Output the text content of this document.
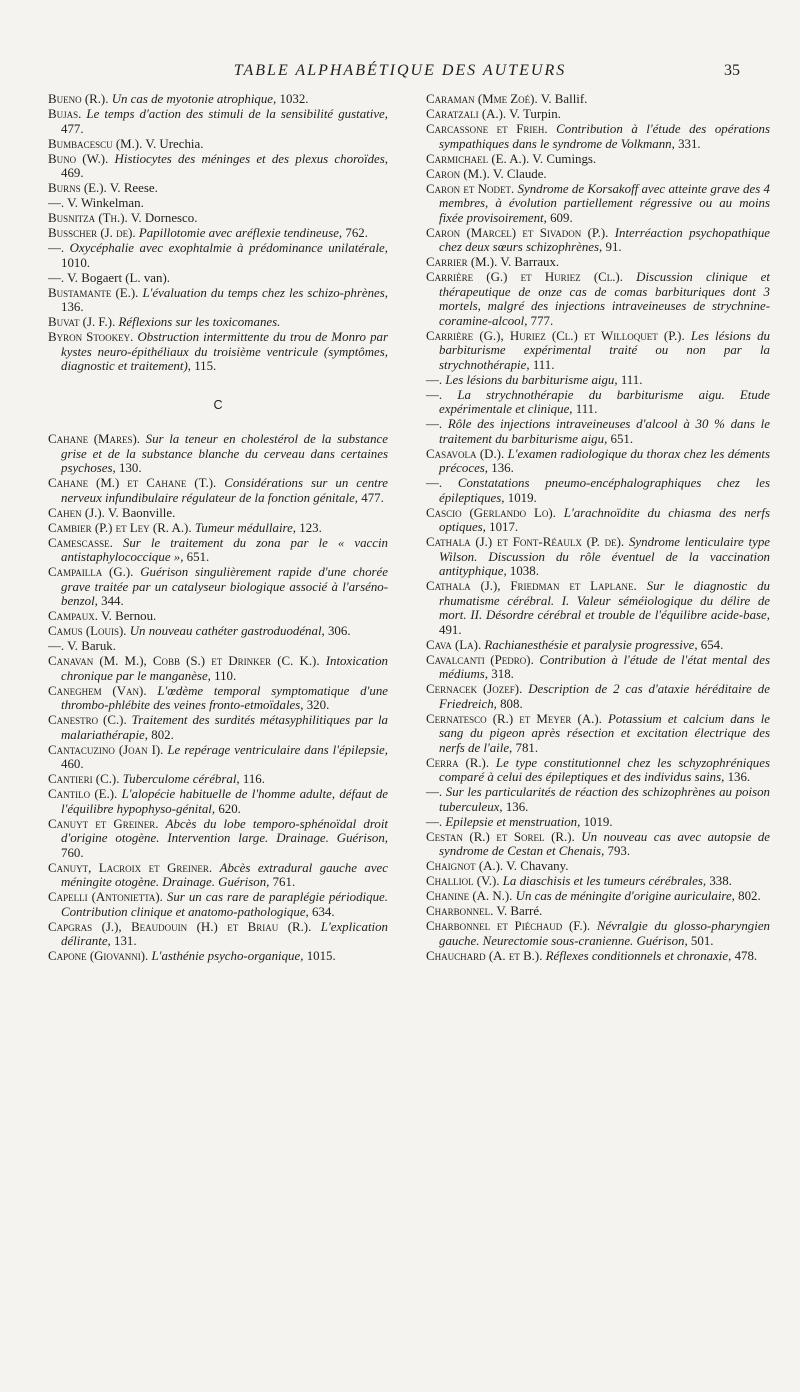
TABLE ALPHABÉTIQUE DES AUTEURS	35
Bueno (R.). Un cas de myotonie atrophique, 1032.
Bujas. Le temps d'action des stimuli de la sensibilité gustative, 477.
Bumbacescu (M.). V. Urechia.
Buno (W.). Histiocytes des méninges et des plexus choroïdes, 469.
Burns (E.). V. Reese.
—. V. Winkelman.
Busnitza (Th.). V. Dornesco.
Busscher (J. de). Papillotomie avec aréflexie tendineuse, 762.
—. Oxycéphalie avec exophtalmie à prédominance unilatérale, 1010.
—. V. Bogaert (L. van).
Bustamante (E.). L'évaluation du temps chez les schizo-phrènes, 136.
Buvat (J. F.). Réflexions sur les toxicomanes.
Byron Stookey. Obstruction intermittente du trou de Monro par kystes neuro-épithéliaux du troisième ventricule (symptômes, diagnostic et traitement), 115.
C
Cahane (Mares). Sur la teneur en cholestérol de la substance grise et de la substance blanche du cerveau dans certaines psychoses, 130.
Cahane (M.) et Cahane (T.). Considérations sur un centre nerveux infundibulaire régulateur de la fonction génitale, 477.
Cahen (J.). V. Baonville.
Cambier (P.) et Ley (R. A.). Tumeur médullaire, 123.
Camescasse. Sur le traitement du zona par le « vaccin antistaphylococcique », 651.
Campailla (G.). Guérison singulièrement rapide d'une chorée grave traitée par un catalyseur biologique associé à l'arséno-benzol, 344.
Campaux. V. Bernou.
Camus (Louis). Un nouveau cathéter gastroduodénal, 306.
—. V. Baruk.
Canavan (M. M.), Cobb (S.) et Drinker (C. K.). Intoxication chronique par le manganèse, 110.
Caneghem (Van). L'œdème temporal symptomatique d'une thrombo-phlébite des veines fronto-etmoïdales, 320.
Canestro (C.). Traitement des surdités métasyphilitiques par la malariathérapie, 802.
Cantacuzino (Joan I). Le repérage ventriculaire dans l'épilepsie, 460.
Cantieri (C.). Tuberculome cérébral, 116.
Cantilo (E.). L'alopécie habituelle de l'homme adulte, défaut de l'équilibre hypophyso-génital, 620.
Canuyt et Greiner. Abcès du lobe temporo-sphénoïdal droit d'origine otogène. Intervention large. Drainage. Guérison, 760.
Canuyt, Lacroix et Greiner. Abcès extradural gauche avec méningite otogène. Drainage. Guérison, 761.
Capelli (Antonietta). Sur un cas rare de paraplégie périodique. Contribution clinique et anatomo-pathologique, 634.
Capgras (J.), Beaudouin (H.) et Briau (R.). L'explication délirante, 131.
Capone (Giovanni). L'asthénie psycho-organique, 1015.
Caraman (Mme Zoé). V. Ballif.
Caratzali (A.). V. Turpin.
Carcassone et Frieh. Contribution à l'étude des opérations sympathiques dans le syndrome de Volkmann, 331.
Carmichael (E. A.). V. Cumings.
Caron (M.). V. Claude.
Caron et Nodet. Syndrome de Korsakoff avec atteinte grave des 4 membres, à évolution partiellement régressive ou au moins fixée provisoirement, 609.
Caron (Marcel) et Sivadon (P.). Interréaction psychopathique chez deux sœurs schizophrènes, 91.
Carrier (M.). V. Barraux.
Carrière (G.) et Huriez (Cl.). Discussion clinique et thérapeutique de onze cas de comas barbituriques dont 3 mortels, malgré des injections intraveineuses de strychnine-coramine-alcool, 777.
Carrière (G.), Huriez (Cl.) et Willoquet (P.). Les lésions du barbiturisme expérimental traité ou non par la strychnothérapie, 111.
—. Les lésions du barbiturisme aigu, 111.
—. La strychnothérapie du barbiturisme aigu. Etude expérimentale et clinique, 111.
—. Rôle des injections intraveineuses d'alcool à 30 % dans le traitement du barbiturisme aigu, 651.
Casavola (D.). L'examen radiologique du thorax chez les déments précoces, 136.
—. Constatations pneumo-encéphalographiques chez les épileptiques, 1019.
Cascio (Gerlando Lo). L'arachnoïdite du chiasma des nerfs optiques, 1017.
Cathala (J.) et Font-Réaulx (P. de). Syndrome lenticulaire type Wilson. Discussion du rôle éventuel de la vaccination antityphique, 1038.
Cathala (J.), Friedman et Laplane. Sur le diagnostic du rhumatisme cérébral. I. Valeur séméiologique du délire de mort. II. Désordre cérébral et trouble de l'équilibre acide-base, 491.
Cava (La). Rachianesthésie et paralysie progressive, 654.
Cavalcanti (Pedro). Contribution à l'étude de l'état mental des médiums, 318.
Cernacek (Jozef). Description de 2 cas d'ataxie héréditaire de Friedreich, 808.
Cernatesco (R.) et Meyer (A.). Potassium et calcium dans le sang du pigeon après résection et excitation électrique des nerfs de l'aile, 781.
Cerra (R.). Le type constitutionnel chez les schyzophréniques comparé à celui des épileptiques et des individus sains, 136.
—. Sur les particularités de réaction des schizophrènes au poison tuberculeux, 136.
—. Epilepsie et menstruation, 1019.
Cestan (R.) et Sorel (R.). Un nouveau cas avec autopsie de syndrome de Cestan et Chenais, 793.
Chaignot (A.). V. Chavany.
Challiol (V.). La diaschisis et les tumeurs cérébrales, 338.
Chanine (A. N.). Un cas de méningite d'origine auriculaire, 802.
Charbonnel. V. Barré.
Charbonnel et Piéchaud (F.). Névralgie du glosso-pharyngien gauche. Neurectomie sous-cranienne. Guérison, 501.
Chauchard (A. et B.). Réflexes conditionnels et chronaxie, 478.
